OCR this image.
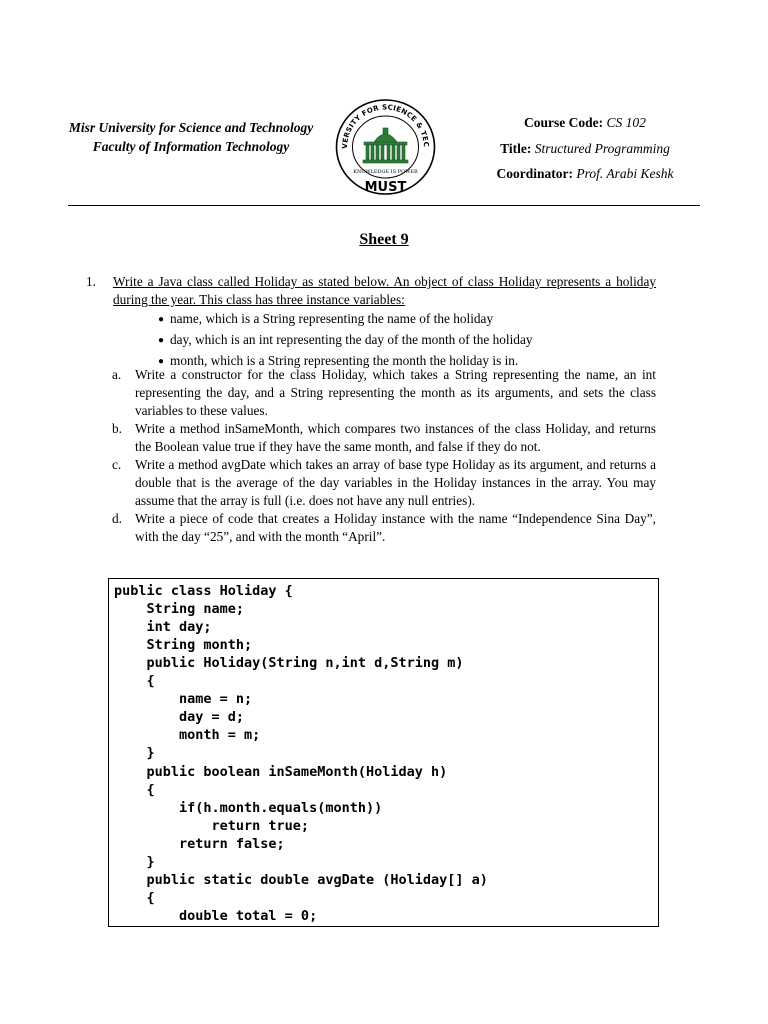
Misr University for Science and Technology
Faculty of Information Technology	VERSITY FOR SCIENCE & TEC
KNOWLEDGE IS POWER
MUST
Course Code: CS 102
Title: Structured Programming
Coordinator: Prof. Arabi Keshk
Sheet 9
1. Write a Java class called Holiday as stated below. An object of class Holiday represents a holiday during the year. This class has three instance variables:
● name, which is a String representing the name of the holiday
● day, which is an int representing the day of the month of the holiday
● month, which is a String representing the month the holiday is in.
a.	Write a constructor for the class Holiday, which takes a String representing the name, an int representing the day, and a String representing the month as its arguments, and sets the class variables to these values.
b. Write a method inSameMonth, which compares two instances of the class Holiday, and returns the Boolean value true if they have the same month, and false if they do not.
c.	Write a method avgDate which takes an array of base type Holiday as its argument, and returns a double that is the average of the day variables in the Holiday instances in the array. You may assume that the array is full (i.e. does not have any null entries).
d. Write a piece of code that creates a Holiday instance with the name “Independence Sina Day”, with the day “25”, and with the month “April”.
public class Holiday {
String name;
int day;
String month;
public Holiday(String n,int d,String m)
{
name = n;
day = d;
month = m;
}
public boolean inSameMonth(Holiday h)
{
if(h.month.equals(month))
return true;
return false;
}
public static double avgDate (Holiday[] a)
{
double total = 0;
